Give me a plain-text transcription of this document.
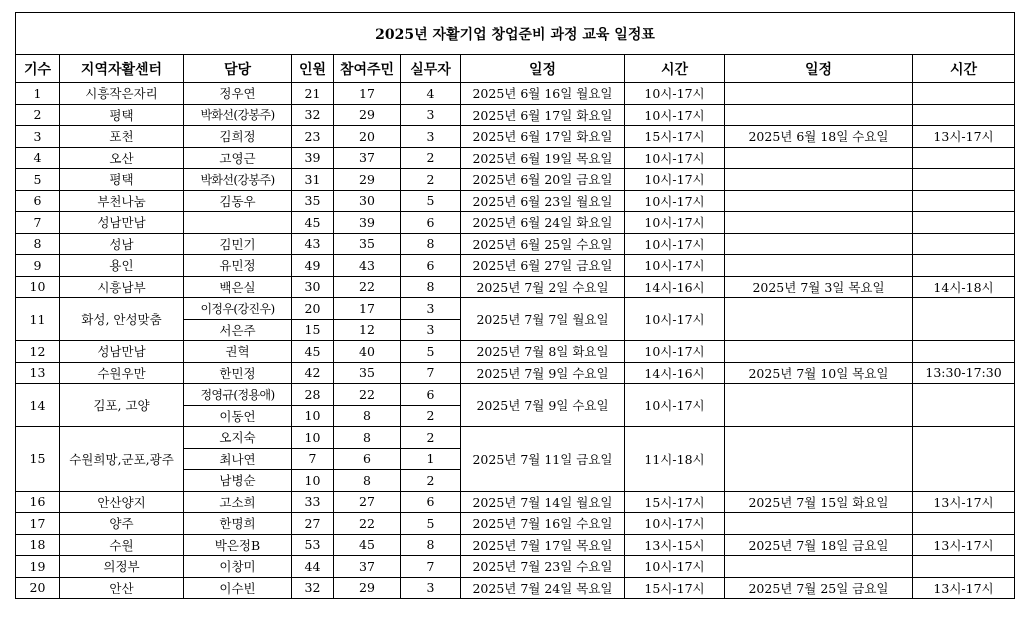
2025년 자활기업 창업준비 과정 교육 일정표									
기수	지역자활센터	담당	인원	참여주민	실무자	일정	시간	일정	시간
1	시흥작은자리	정우연	21	17	4	2025년 6월 16일 월요일	10시-17시		
2	평택	박화선(강봉주)	32	29	3	2025년 6월 17일 화요일	10시-17시		
3	포천	김희정	23	20	3	2025년 6월 17일 화요일	15시-17시	2025년 6월 18일 수요일	13시-17시
4	오산	고영근	39	37	2	2025년 6월 19일 목요일	10시-17시		
5	평택	박화선(강봉주)	31	29	2	2025년 6월 20일 금요일	10시-17시		
6	부천나눔	김동우	35	30	5	2025년 6월 23일 월요일	10시-17시		
7	성남만남		45	39	6	2025년 6월 24일 화요일	10시-17시		
8	성남	김민기	43	35	8	2025년 6월 25일 수요일	10시-17시		
9	용인	유민정	49	43	6	2025년 6월 27일 금요일	10시-17시		
10	시흥남부	백은실	30	22	8	2025년 7월 2일 수요일	14시-16시	2025년 7월 3일 목요일	14시-18시
11	화성, 안성맞춤	이정우(강진우)	20	17	3	2025년 7월 7일 월요일	10시-17시		
		서은주	15	12	3				
12	성남만남	권혁	45	40	5	2025년 7월 8일 화요일	10시-17시		
13	수원우만	한민정	42	35	7	2025년 7월 9일 수요일	14시-16시	2025년 7월 10일 목요일	13:30-17:30
14	김포, 고양	정영규(정용애)	28	22	6	2025년 7월 9일 수요일	10시-17시		
		이동언	10	8	2				
15	수원희망,군포,광주	오지숙	10	8	2	2025년 7월 11일 금요일	11시-18시		
		최나연	7	6	1				
		남병순	10	8	2				
16	안산양지	고소희	33	27	6	2025년 7월 14일 월요일	15시-17시	2025년 7월 15일 화요일	13시-17시
17	양주	한명희	27	22	5	2025년 7월 16일 수요일	10시-17시		
18	수원	박은정B	53	45	8	2025년 7월 17일 목요일	13시-15시	2025년 7월 18일 금요일	13시-17시
19	의정부	이창미	44	37	7	2025년 7월 23일 수요일	10시-17시		
20	안산	이수빈	32	29	3	2025년 7월 24일 목요일	15시-17시	2025년 7월 25일 금요일	13시-17시
